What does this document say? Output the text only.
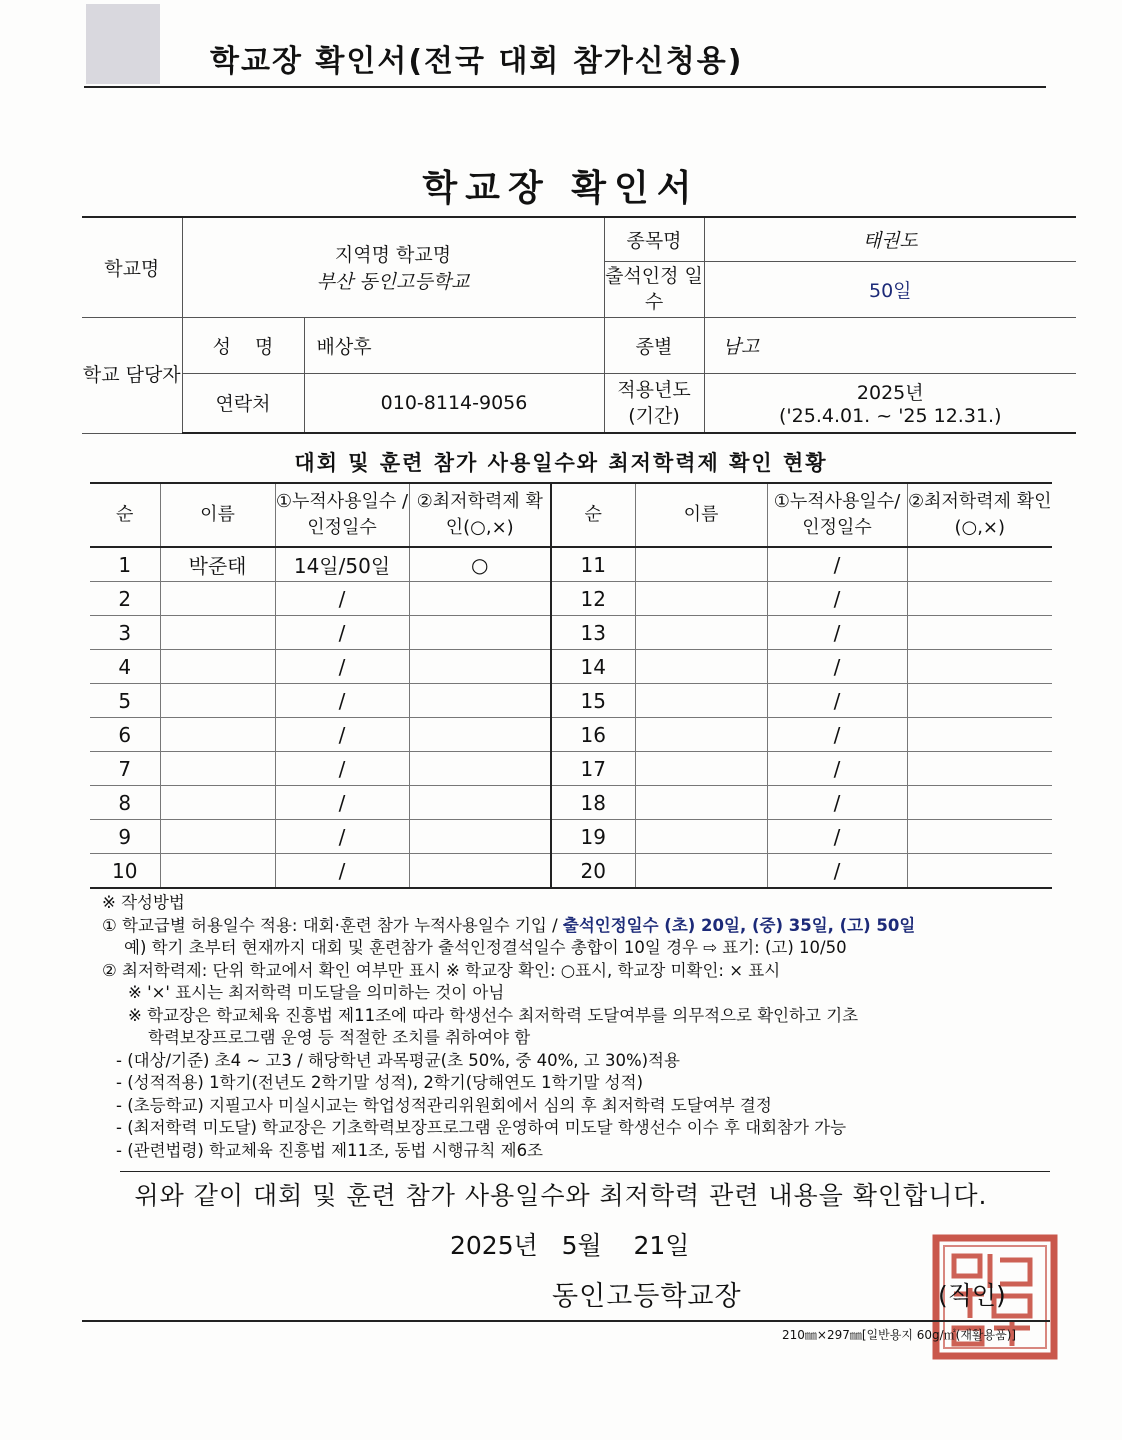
학교장 확인서(전국 대회 참가신청용)
학교장 확인서
학교명	지역명 학교명
부산 동인고등학교		종목명	태권도
			출석인정 일수	50일
학교 담당자	성 명	배상후	종별	남고
	연락처	010-8114-9056	적용년도 (기간)	2025년
('25.4.01. ~ '25 12.31.)
대회 및 훈련 참가 사용일수와 최저학력제 확인 현황
순	이름	①누적사용일수 /인정일수	②최저학력제 확인(○,×)	순	이름	①누적사용일수/ 인정일수	②최저학력제 확인(○,×)
1	박준태	14일/50일	○	11		/	
2		/		12		/	
3		/		13		/	
4		/		14		/	
5		/		15		/	
6		/		16		/	
7		/		17		/	
8		/		18		/	
9		/		19		/	
10		/		20		/	
※ 작성방법
① 학교급별 허용일수 적용: 대회·훈련 참가 누적사용일수 기입 / 출석인정일수 (초) 20일, (중) 35일, (고) 50일
예) 학기 초부터 현재까지 대회 및 훈련참가 출석인정결석일수 총합이 10일 경우 ⇨ 표기: (고) 10/50
② 최저학력제: 단위 학교에서 확인 여부만 표시 ※ 학교장 확인: ○표시, 학교장 미확인: × 표시
※ '×' 표시는 최저학력 미도달을 의미하는 것이 아님
※ 학교장은 학교체육 진흥법 제11조에 따라 학생선수 최저학력 도달여부를 의무적으로 확인하고 기초
학력보장프로그램 운영 등 적절한 조치를 취하여야 함
- (대상/기준) 초4 ~ 고3 / 해당학년 과목평균(초 50%, 중 40%, 고 30%)적용
- (성적적용) 1학기(전년도 2학기말 성적), 2학기(당해연도 1학기말 성적)
- (초등학교) 지필고사 미실시교는 학업성적관리위원회에서 심의 후 최저학력 도달여부 결정
- (최저학력 미도달) 학교장은 기초학력보장프로그램 운영하여 미도달 학생선수 이수 후 대회참가 가능
- (관련법령) 학교체육 진흥법 제11조, 동법 시행규칙 제6조
위와 같이 대회 및 훈련 참가 사용일수와 최저학력 관련 내용을 확인합니다.
2025년   5월    21일
동인고등학교장	(직인)
210㎜×297㎜[일반용지 60g/㎡(재활용품)]
